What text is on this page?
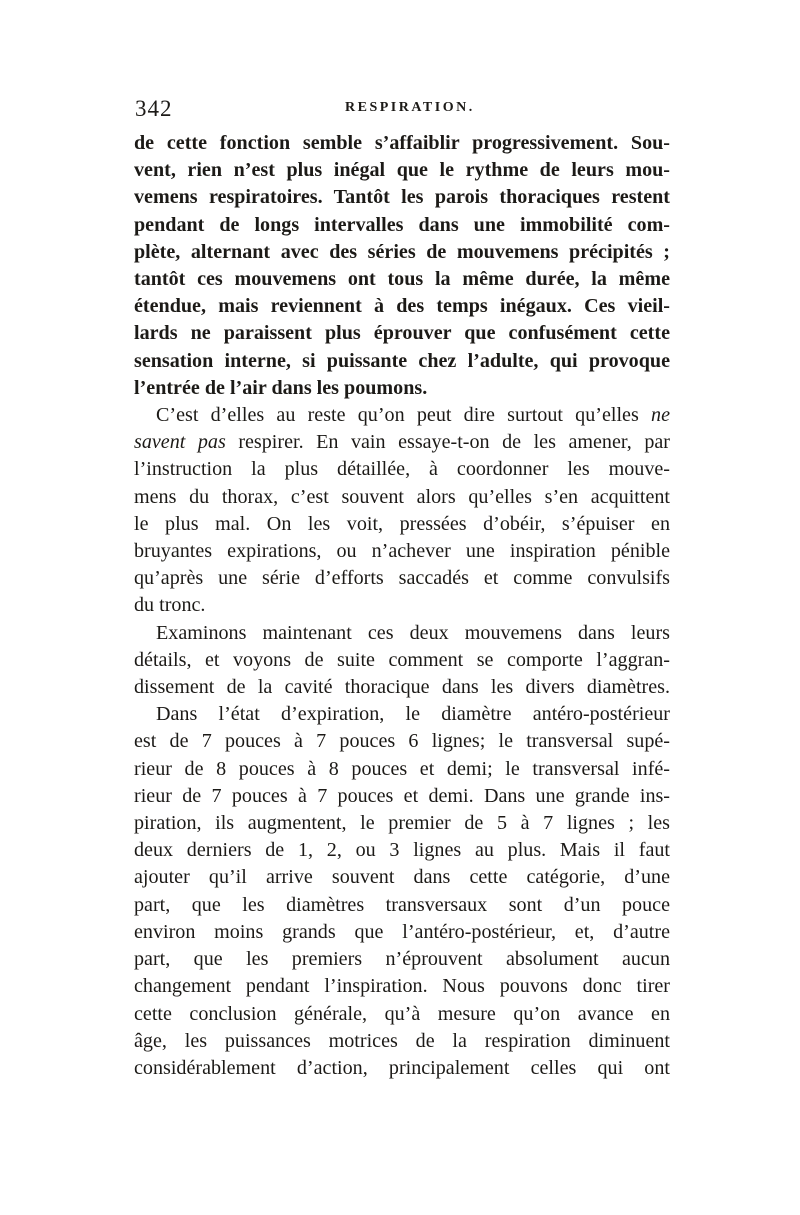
342	RESPIRATION.

de cette fonction semble s’affaiblir progressivement. Sou-
vent, rien n’est plus inégal que le rythme de leurs mou-
vemens respiratoires. Tantôt les parois thoraciques restent
pendant de longs intervalles dans une immobilité com-
plète, alternant avec des séries de mouvemens précipités ;
tantôt ces mouvemens ont tous la même durée, la même
étendue, mais reviennent à des temps inégaux. Ces vieil-
lards ne paraissent plus éprouver que confusément cette
sensation interne, si puissante chez l’adulte, qui provoque
l’entrée de l’air dans les poumons.

C’est d’elles au reste qu’on peut dire surtout qu’elles ne
savent pas respirer. En vain essaye-t-on de les amener, par
l’instruction la plus détaillée, à coordonner les mouve-
mens du thorax, c’est souvent alors qu’elles s’en acquittent
le plus mal. On les voit, pressées d’obéir, s’épuiser en
bruyantes expirations, ou n’achever une inspiration pénible
qu’après une série d’efforts saccadés et comme convulsifs
du tronc.

Examinons maintenant ces deux mouvemens dans leurs
détails, et voyons de suite comment se comporte l’aggran-
dissement de la cavité thoracique dans les divers diamètres.

Dans l’état d’expiration, le diamètre antéro-postérieur
est de 7 pouces à 7 pouces 6 lignes; le transversal supé-
rieur de 8 pouces à 8 pouces et demi; le transversal infé-
rieur de 7 pouces à 7 pouces et demi. Dans une grande ins-
piration, ils augmentent, le premier de 5 à 7 lignes ; les
deux derniers de 1, 2, ou 3 lignes au plus. Mais il faut
ajouter qu’il arrive souvent dans cette catégorie, d’une
part, que les diamètres transversaux sont d’un pouce
environ moins grands que l’antéro-postérieur, et, d’autre
part, que les premiers n’éprouvent absolument aucun
changement pendant l’inspiration. Nous pouvons donc tirer
cette conclusion générale, qu’à mesure qu’on avance en
âge, les puissances motrices de la respiration diminuent
considérablement d’action, principalement celles qui ont
